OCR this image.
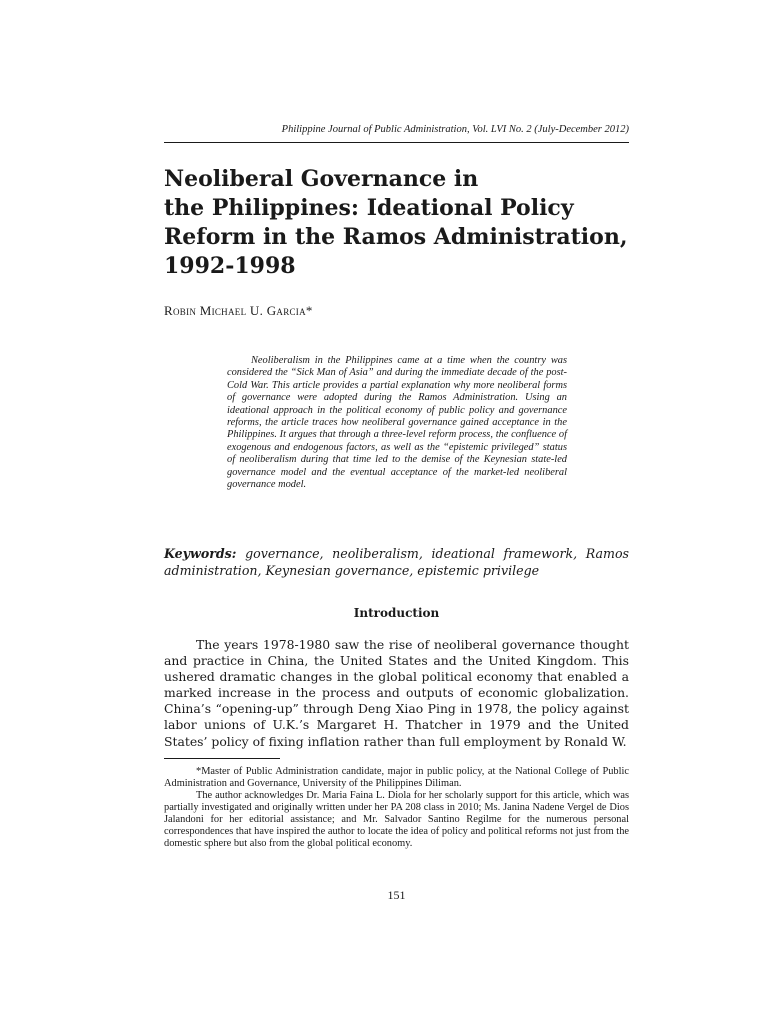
Philippine Journal of Public Administration, Vol. LVI No. 2 (July-December 2012)
Neoliberal Governance in
the Philippines: Ideational Policy
Reform in the Ramos Administration,
1992-1998
Robin Michael U. Garcia*

Neoliberalism in the Philippines came at a time when the country was considered the “Sick Man of Asia” and during the immediate decade of the post-Cold War. This article provides a partial explanation why more neoliberal forms of governance were adopted during the Ramos Administration. Using an ideational approach in the political economy of public policy and governance reforms, the article traces how neoliberal governance gained acceptance in the Philippines. It argues that through a three-level reform process, the confluence of exogenous and endogenous factors, as well as the “epistemic privileged” status of neoliberalism during that time led to the demise of the Keynesian state-led governance model and the eventual acceptance of the market-led neoliberal governance model.

Keywords: governance, neoliberalism, ideational framework, Ramos administration, Keynesian governance, epistemic privilege

Introduction

The years 1978-1980 saw the rise of neoliberal governance thought and practice in China, the United States and the United Kingdom. This ushered dramatic changes in the global political economy that enabled a marked increase in the process and outputs of economic globalization. China’s “opening-up” through Deng Xiao Ping in 1978, the policy against labor unions of U.K.’s Margaret H. Thatcher in 1979 and the United States’ policy of fixing inflation rather than full employment by Ronald W.

*Master of Public Administration candidate, major in public policy, at the National College of Public Administration and Governance, University of the Philippines Diliman.

The author acknowledges Dr. Maria Faina L. Diola for her scholarly support for this article, which was partially investigated and originally written under her PA 208 class in 2010; Ms. Janina Nadene Vergel de Dios Jalandoni for her editorial assistance; and Mr. Salvador Santino Regilme for the numerous personal correspondences that have inspired the author to locate the idea of policy and political reforms not just from the domestic sphere but also from the global political economy.

151
